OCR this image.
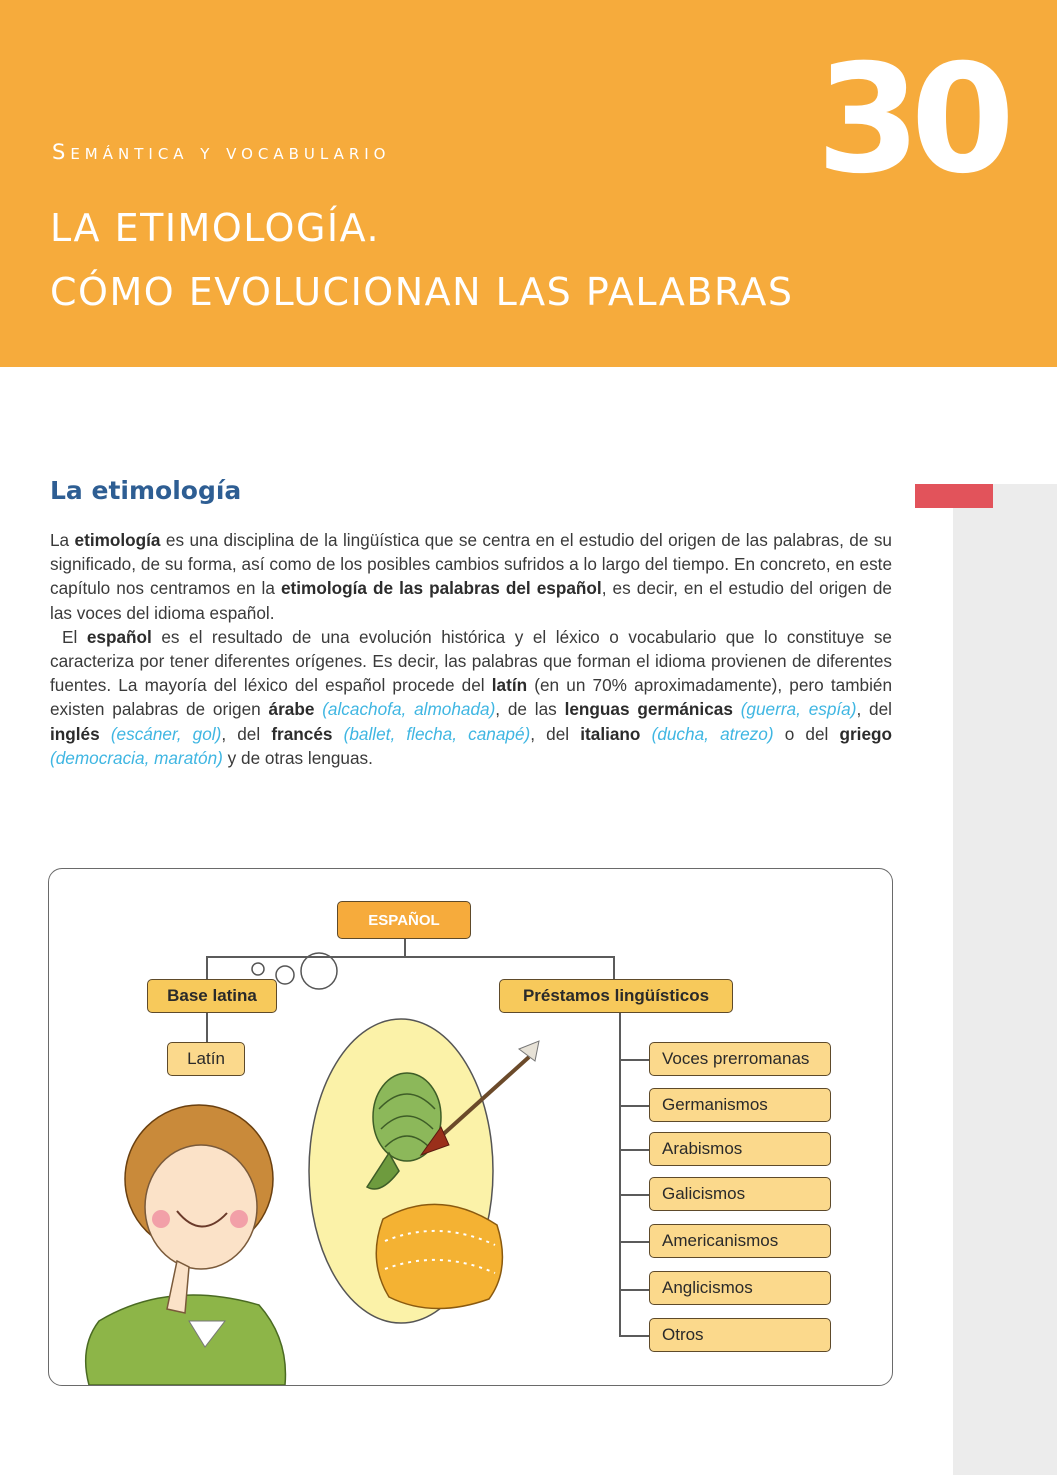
Semántica y vocabulario
LA ETIMOLOGÍA.
CÓMO EVOLUCIONAN LAS PALABRAS
30
La etimología

La etimología es una disciplina de la lingüística que se centra en el estudio del origen de las palabras, de su significado, de su forma, así como de los posibles cambios sufridos a lo largo del tiempo. En concreto, en este capítulo nos centramos en la etimología de las palabras del español, es decir, en el estudio del origen de las voces del idioma español.

El español es el resultado de una evolución histórica y el léxico o vocabulario que lo constituye se caracteriza por tener diferentes orígenes. Es decir, las palabras que forman el idioma provienen de diferentes fuentes. La mayoría del léxico del español procede del latín (en un 70% aproximadamente), pero también existen palabras de origen árabe (alcachofa, almohada), de las lenguas germánicas (guerra, espía), del inglés (escáner, gol), del francés (ballet, flecha, canapé), del italiano (ducha, atrezo) o del griego (democracia, maratón) y de otras lenguas.

ESPAÑOL
Base latina	Préstamos lingüísticos
Latín	Voces prerromanas
Germanismos
Arabismos
Galicismos
Americanismos
Anglicismos
Otros
